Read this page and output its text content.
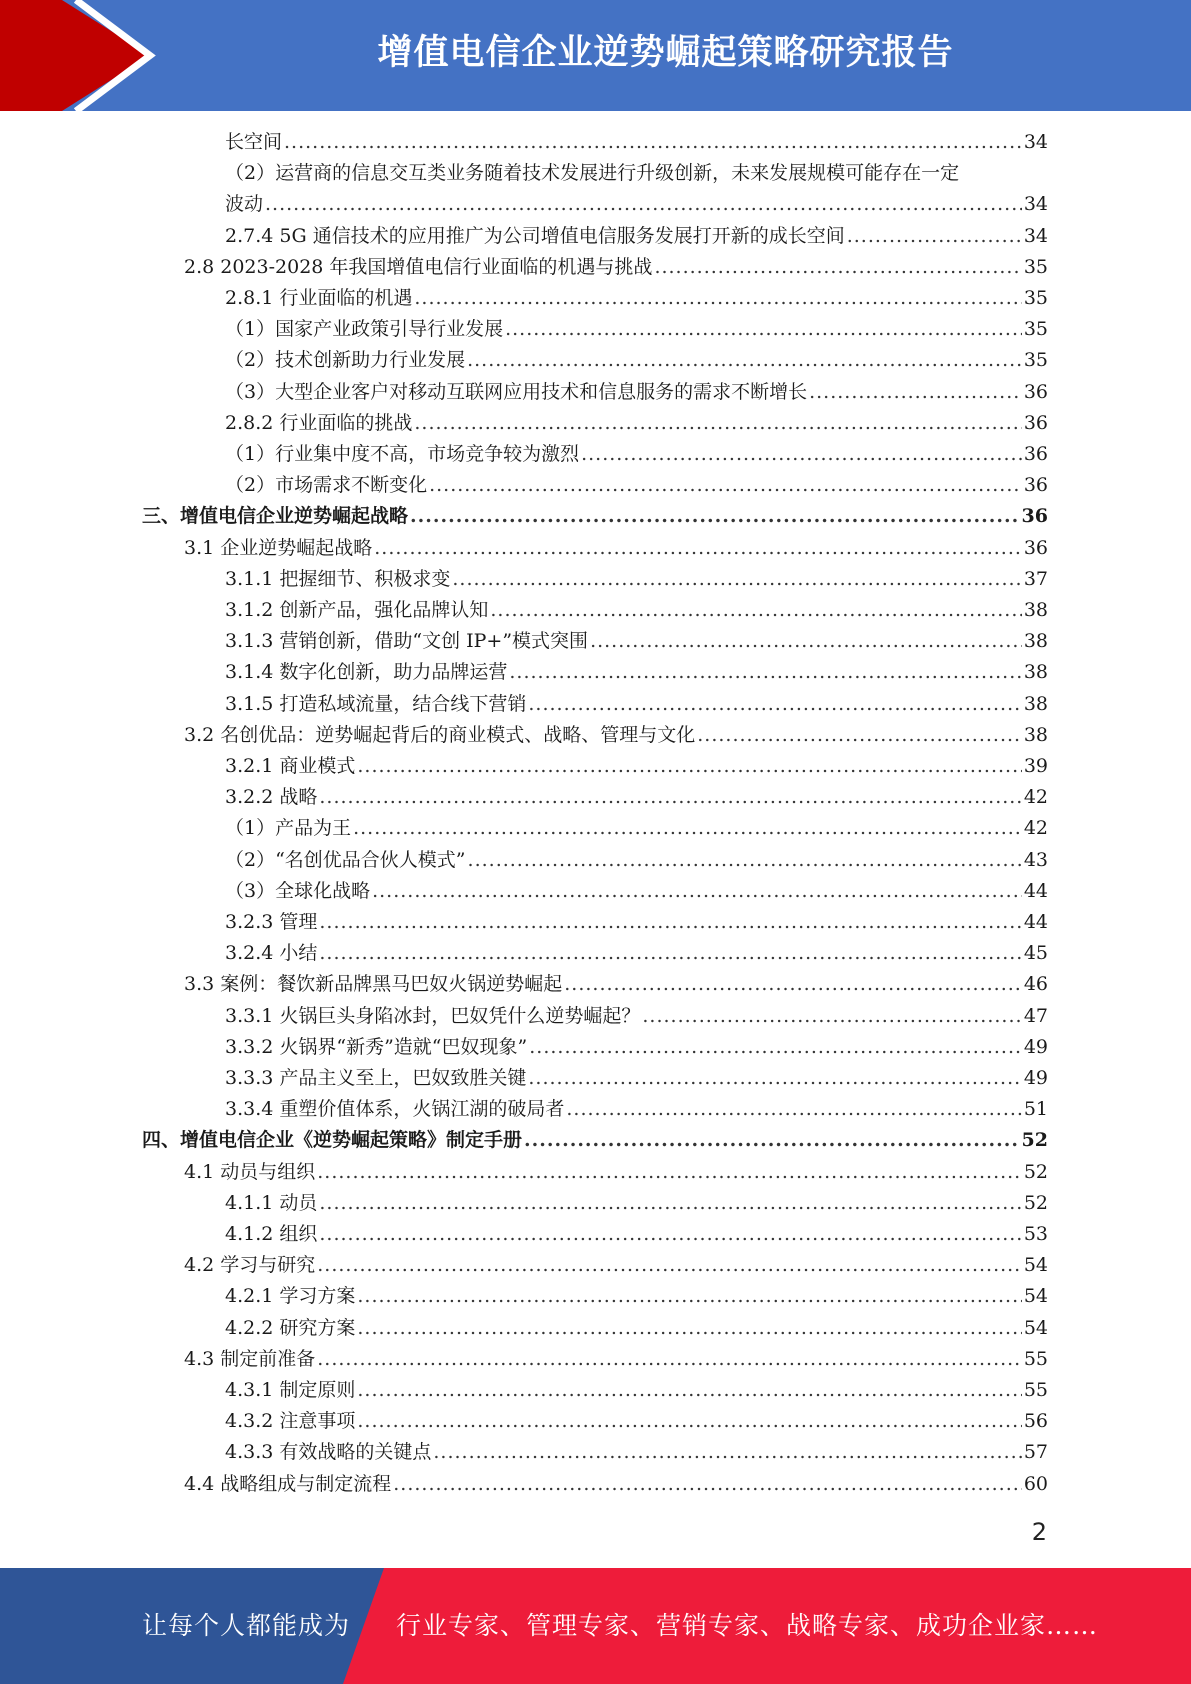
增值电信企业逆势崛起策略研究报告
长空间 .....	34
（2）运营商的信息交互类业务随着技术发展进行升级创新，未来发展规模可能存在一定
波动 .....	34
2.7.4 5G 通信技术的应用推广为公司增值电信服务发展打开新的成长空间 .....	34
2.8 2023-2028 年我国增值电信行业面临的机遇与挑战 .....	35
2.8.1 行业面临的机遇 .....	35
（1）国家产业政策引导行业发展 .....	35
（2）技术创新助力行业发展 .....	35
（3）大型企业客户对移动互联网应用技术和信息服务的需求不断增长 .....	36
2.8.2 行业面临的挑战 .....	36
（1）行业集中度不高，市场竞争较为激烈 .....	36
（2）市场需求不断变化 .....	36
三、增值电信企业逆势崛起战略 .....	36
3.1 企业逆势崛起战略 .....	36
3.1.1 把握细节、积极求变 .....	37
3.1.2 创新产品，强化品牌认知 .....	38
3.1.3 营销创新，借助“文创 IP+”模式突围 .....	38
3.1.4 数字化创新，助力品牌运营 .....	38
3.1.5 打造私域流量，结合线下营销 .....	38
3.2 名创优品：逆势崛起背后的商业模式、战略、管理与文化 .....	38
3.2.1 商业模式 .....	39
3.2.2 战略 .....	42
（1）产品为王 .....	42
（2）“名创优品合伙人模式” .....	43
（3）全球化战略 .....	44
3.2.3 管理 .....	44
3.2.4 小结 .....	45
3.3 案例：餐饮新品牌黑马巴奴火锅逆势崛起 .....	46
3.3.1 火锅巨头身陷冰封，巴奴凭什么逆势崛起？ .....	47
3.3.2 火锅界“新秀”造就“巴奴现象” .....	49
3.3.3 产品主义至上，巴奴致胜关键 .....	49
3.3.4 重塑价值体系，火锅江湖的破局者 .....	51
四、增值电信企业《逆势崛起策略》制定手册 .....	52
4.1 动员与组织 .....	52
4.1.1 动员 .....	52
4.1.2 组织 .....	53
4.2 学习与研究 .....	54
4.2.1 学习方案 .....	54
4.2.2 研究方案 .....	54
4.3 制定前准备 .....	55
4.3.1 制定原则 .....	55
4.3.2 注意事项 .....	56
4.3.3 有效战略的关键点 .....	57
4.4 战略组成与制定流程 .....	60
2
让每个人都能成为 行业专家、管理专家、营销专家、战略专家、成功企业家……
